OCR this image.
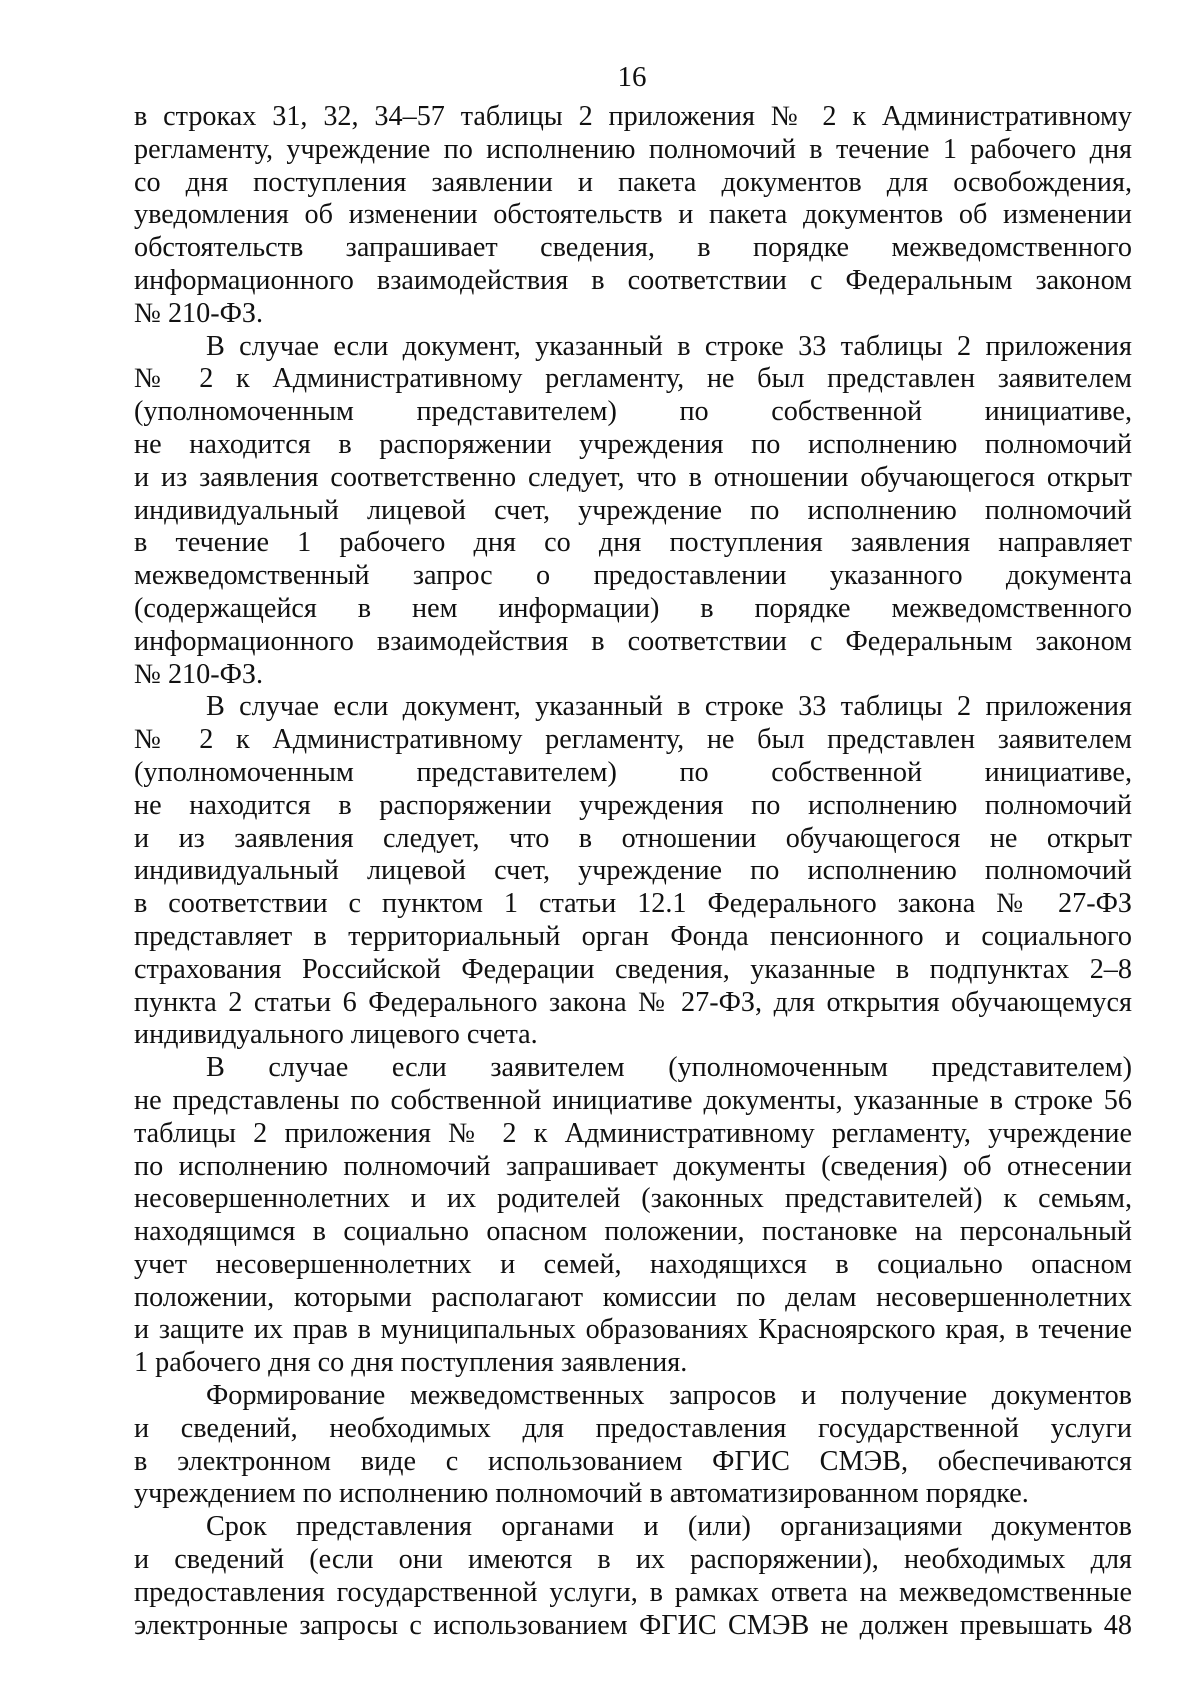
16
в строках 31, 32, 34–57 таблицы 2 приложения № 2 к Административному
регламенту, учреждение по исполнению полномочий в течение 1 рабочего дня
со дня поступления заявлении и пакета документов для освобождения,
уведомления об изменении обстоятельств и пакета документов об изменении
обстоятельств запрашивает сведения, в порядке межведомственного
информационного взаимодействия в соответствии с Федеральным законом
№ 210-ФЗ.
В случае если документ, указанный в строке 33 таблицы 2 приложения
№ 2 к Административному регламенту, не был представлен заявителем
(уполномоченным представителем) по собственной инициативе,
не находится в распоряжении учреждения по исполнению полномочий
и из заявления соответственно следует, что в отношении обучающегося открыт
индивидуальный лицевой счет, учреждение по исполнению полномочий
в течение 1 рабочего дня со дня поступления заявления направляет
межведомственный запрос о предоставлении указанного документа
(содержащейся в нем информации) в порядке межведомственного
информационного взаимодействия в соответствии с Федеральным законом
№ 210-ФЗ.
В случае если документ, указанный в строке 33 таблицы 2 приложения
№ 2 к Административному регламенту, не был представлен заявителем
(уполномоченным представителем) по собственной инициативе,
не находится в распоряжении учреждения по исполнению полномочий
и из заявления следует, что в отношении обучающегося не открыт
индивидуальный лицевой счет, учреждение по исполнению полномочий
в соответствии с пунктом 1 статьи 12.1 Федерального закона № 27-ФЗ
представляет в территориальный орган Фонда пенсионного и социального
страхования Российской Федерации сведения, указанные в подпунктах 2–8
пункта 2 статьи 6 Федерального закона № 27-ФЗ, для открытия обучающемуся
индивидуального лицевого счета.
В случае если заявителем (уполномоченным представителем)
не представлены по собственной инициативе документы, указанные в строке 56
таблицы 2 приложения № 2 к Административному регламенту, учреждение
по исполнению полномочий запрашивает документы (сведения) об отнесении
несовершеннолетних и их родителей (законных представителей) к семьям,
находящимся в социально опасном положении, постановке на персональный
учет несовершеннолетних и семей, находящихся в социально опасном
положении, которыми располагают комиссии по делам несовершеннолетних
и защите их прав в муниципальных образованиях Красноярского края, в течение
1 рабочего дня со дня поступления заявления.
Формирование межведомственных запросов и получение документов
и сведений, необходимых для предоставления государственной услуги
в электронном виде с использованием ФГИС СМЭВ, обеспечиваются
учреждением по исполнению полномочий в автоматизированном порядке.
Срок представления органами и (или) организациями документов
и сведений (если они имеются в их распоряжении), необходимых для
предоставления государственной услуги, в рамках ответа на межведомственные
электронные запросы с использованием ФГИС СМЭВ не должен превышать 48
